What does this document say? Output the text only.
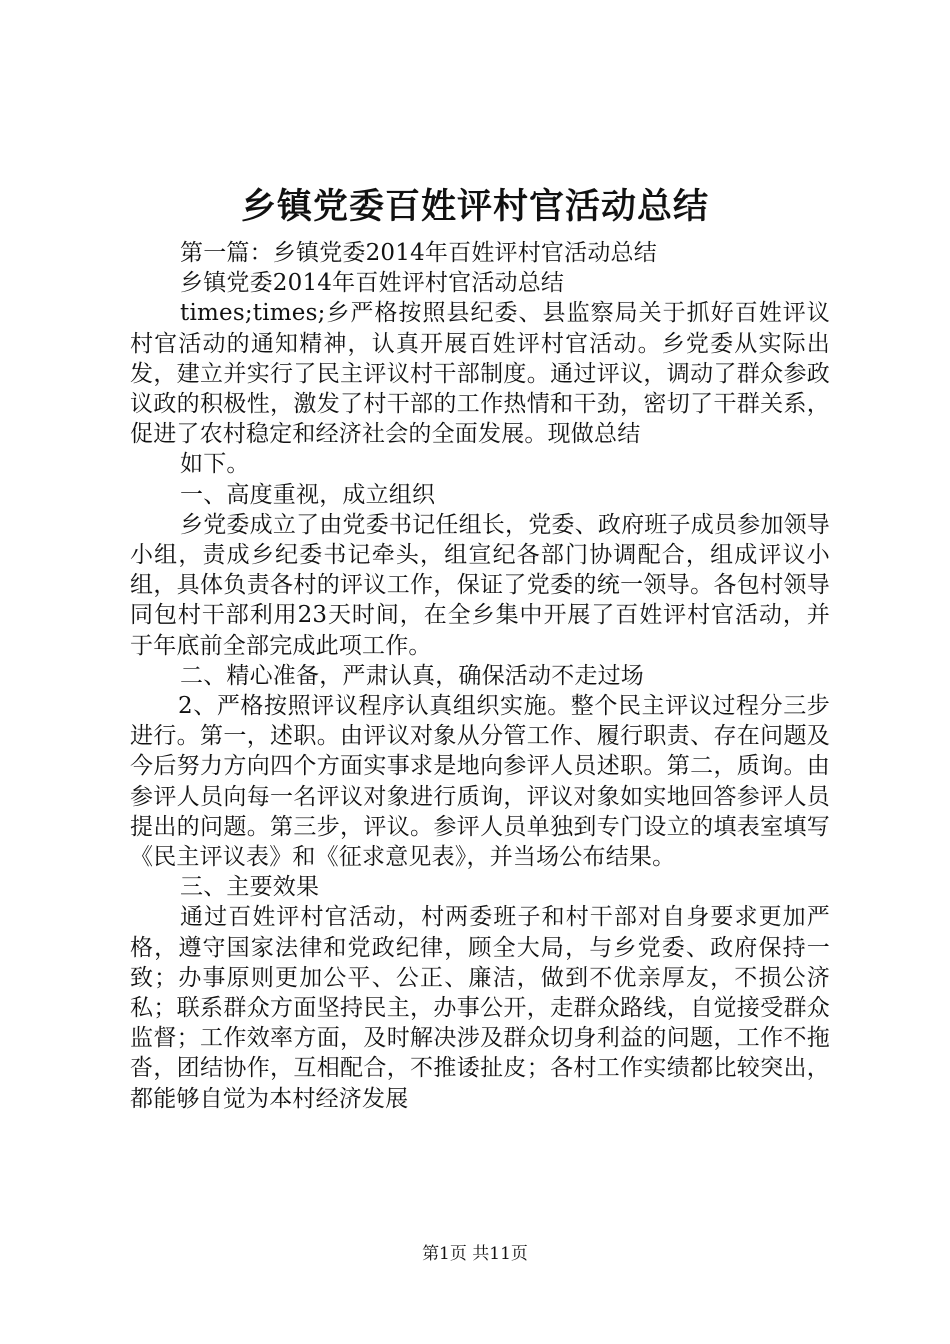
乡镇党委百姓评村官活动总结

第一篇：乡镇党委2014年百姓评村官活动总结

乡镇党委2014年百姓评村官活动总结

times;times;乡严格按照县纪委、县监察局关于抓好百姓评议村官活动的通知精神，认真开展百姓评村官活动。乡党委从实际出发，建立并实行了民主评议村干部制度。通过评议，调动了群众参政议政的积极性，激发了村干部的工作热情和干劲，密切了干群关系，促进了农村稳定和经济社会的全面发展。现做总结

如下。

一、高度重视，成立组织

乡党委成立了由党委书记任组长，党委、政府班子成员参加领导小组，责成乡纪委书记牵头，组宣纪各部门协调配合，组成评议小组，具体负责各村的评议工作，保证了党委的统一领导。各包村领导同包村干部利用23天时间，在全乡集中开展了百姓评村官活动，并于年底前全部完成此项工作。

二、精心准备，严肃认真，确保活动不走过场

2、严格按照评议程序认真组织实施。整个民主评议过程分三步进行。第一，述职。由评议对象从分管工作、履行职责、存在问题及今后努力方向四个方面实事求是地向参评人员述职。第二，质询。由参评人员向每一名评议对象进行质询，评议对象如实地回答参评人员提出的问题。第三步，评议。参评人员单独到专门设立的填表室填写《民主评议表》和《征求意见表》，并当场公布结果。

三、主要效果

通过百姓评村官活动，村两委班子和村干部对自身要求更加严格，遵守国家法律和党政纪律，顾全大局，与乡党委、政府保持一致；办事原则更加公平、公正、廉洁，做到不优亲厚友，不损公济私；联系群众方面坚持民主，办事公开，走群众路线，自觉接受群众监督；工作效率方面，及时解决涉及群众切身利益的问题，工作不拖沓，团结协作，互相配合，不推诿扯皮；各村工作实绩都比较突出，都能够自觉为本村经济发展

第1页 共11页
